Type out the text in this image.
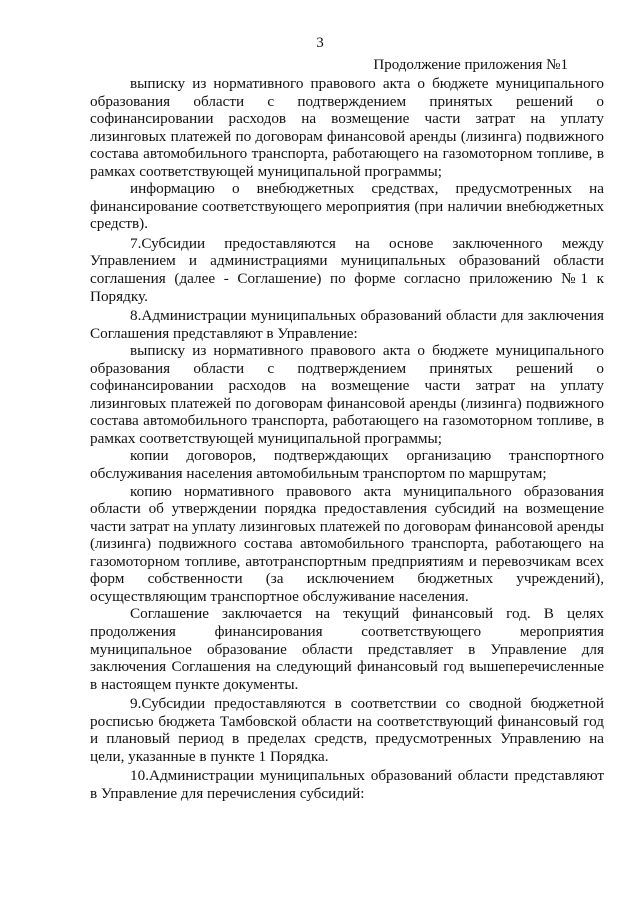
3
Продолжение приложения №1

выписку из нормативного правового акта о бюджете муниципального образования области с подтверждением принятых решений о софинансировании расходов на возмещение части затрат на уплату лизинговых платежей по договорам финансовой аренды (лизинга) подвижного состава автомобильного транспорта, работающего на газомоторном топливе, в рамках соответствующей муниципальной программы;

информацию о внебюджетных средствах, предусмотренных на финансирование соответствующего мероприятия (при наличии внебюджетных средств).

7.Субсидии предоставляются на основе заключенного между Управлением и администрациями муниципальных образований области соглашения (далее - Соглашение) по форме согласно приложению №1 к Порядку.

8.Администрации муниципальных образований области для заключения Соглашения представляют в Управление:

выписку из нормативного правового акта о бюджете муниципального образования области с подтверждением принятых решений о софинансировании расходов на возмещение части затрат на уплату лизинговых платежей по договорам финансовой аренды (лизинга) подвижного состава автомобильного транспорта, работающего на газомоторном топливе, в рамках соответствующей муниципальной программы;

копии договоров, подтверждающих организацию транспортного обслуживания населения автомобильным транспортом по маршрутам;

копию нормативного правового акта муниципального образования области об утверждении порядка предоставления субсидий на возмещение части затрат на уплату лизинговых платежей по договорам финансовой аренды (лизинга) подвижного состава автомобильного транспорта, работающего на газомоторном топливе, автотранспортным предприятиям и перевозчикам всех форм собственности (за исключением бюджетных учреждений), осуществляющим транспортное обслуживание населения.

Соглашение заключается на текущий финансовый год. В целях продолжения финансирования соответствующего мероприятия муниципальное образование области представляет в Управление для заключения Соглашения на следующий финансовый год вышеперечисленные в настоящем пункте документы.

9.Субсидии предоставляются в соответствии со сводной бюджетной росписью бюджета Тамбовской области на соответствующий финансовый год и плановый период в пределах средств, предусмотренных Управлению на цели, указанные в пункте 1 Порядка.

10.Администрации муниципальных образований области представляют в Управление для перечисления субсидий:
